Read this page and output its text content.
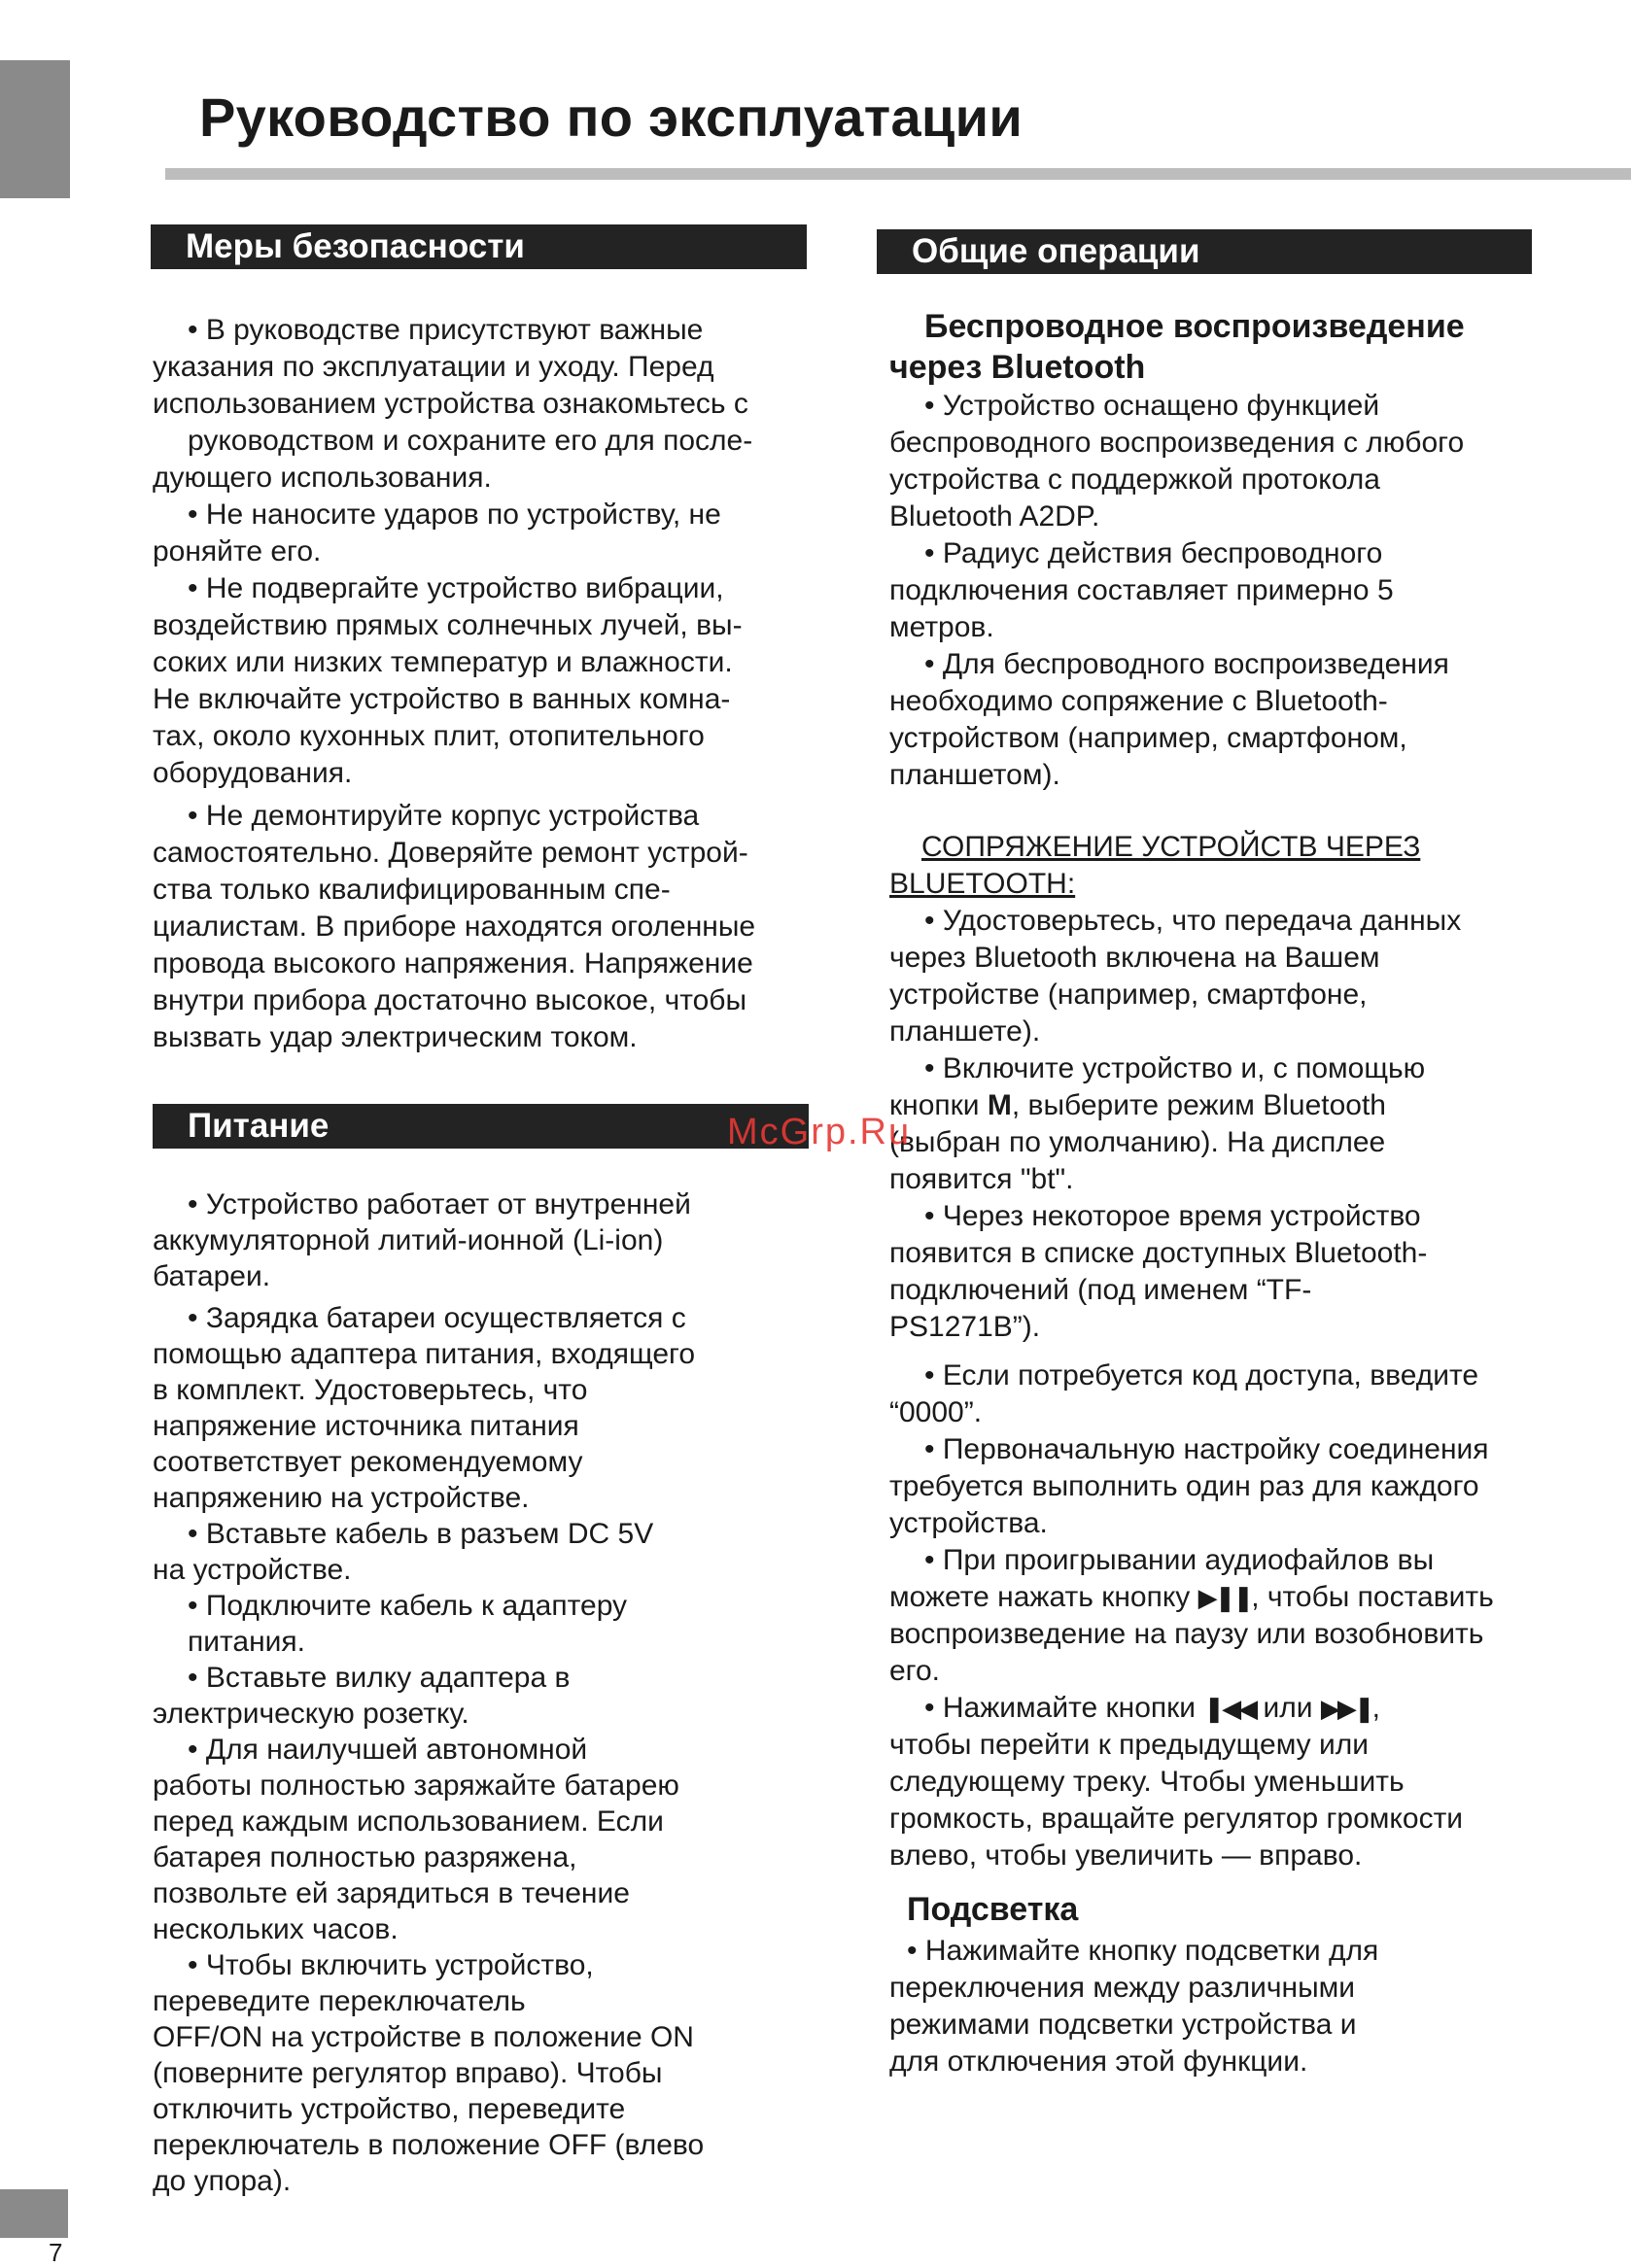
Руководство по эксплуатации
Меры безопасности

• В руководстве присутствуют важные

указания по эксплуатации и уходу. Перед

использованием устройства ознакомьтесь с

руководством и сохраните его для после-

дующего использования.

• Не наносите ударов по устройству, не

роняйте его.

• Не подвергайте устройство вибрации,

воздействию прямых солнечных лучей, вы-

соких или низких температур и влажности.

Не включайте устройство в ванных комна-

тах, около кухонных плит, отопительного

оборудования.

• Не демонтируйте корпус устройства

самостоятельно. Доверяйте ремонт устрой-

ства только квалифицированным спе-

циалистам. В приборе находятся оголенные

провода высокого напряжения. Напряжение

внутри прибора достаточно высокое, чтобы

вызвать удар электрическим током.

Питание

• Устройство работает от внутренней

аккумуляторной литий-ионной (Li-ion)

батареи.

• Зарядка батареи осуществляется с

помощью адаптера питания, входящего

в комплект. Удостоверьтесь, что

напряжение источника питания

соответствует рекомендуемому

напряжению на устройстве.

• Вставьте кабель в разъем DC 5V

на устройстве.

• Подключите кабель к адаптеру

питания.

• Вставьте вилку адаптера в

электрическую розетку.

• Для наилучшей автономной

работы полностью заряжайте батарею

перед каждым использованием. Если

батарея полностью разряжена,

позвольте ей зарядиться в течение

нескольких часов.

• Чтобы включить устройство,

переведите переключатель

OFF/ON на устройстве в положение ON

(поверните регулятор вправо). Чтобы

отключить устройство, переведите

переключатель в положение OFF (влево

до упора).

Общие операции

Беспроводное воспроизведение

через Bluetooth

• Устройство оснащено функцией

беспроводного воспроизведения с любого

устройства с поддержкой протокола

Bluetooth A2DP.

• Радиус действия беспроводного

подключения составляет примерно 5

метров.

• Для беспроводного воспроизведения

необходимо сопряжение с Bluetooth-

устройством (например, смартфоном,

планшетом).

СОПРЯЖЕНИЕ УСТРОЙСТВ ЧЕРЕЗ

BLUETOOTH:

• Удостоверьтесь, что передача данных

через Bluetooth включена на Вашем

устройстве (например, смартфоне,

планшете).

• Включите устройство и, с помощью

кнопки M, выберите режим Bluetooth

(выбран по умолчанию). На дисплее

появится "bt".

• Через некоторое время устройство

появится в списке доступных Bluetooth-

подключений (под именем “TF-

PS1271B”).

• Если потребуется код доступа, введите

“0000”.

• Первоначальную настройку соединения

требуется выполнить один раз для каждого

устройства.

• При проигрывании аудиофайлов вы

можете нажать кнопку ▶❚❚, чтобы поставить

воспроизведение на паузу или возобновить

его.

• Нажимайте кнопки ❚◀◀ или ▶▶❚,

чтобы перейти к предыдущему или

следующему треку. Чтобы уменьшить

громкость, вращайте регулятор громкости

влево, чтобы увеличить — вправо.

Подсветка

• Нажимайте кнопку подсветки для

переключения между различными

режимами подсветки устройства и

для отключения этой функции.

McGrp.Ru
7
